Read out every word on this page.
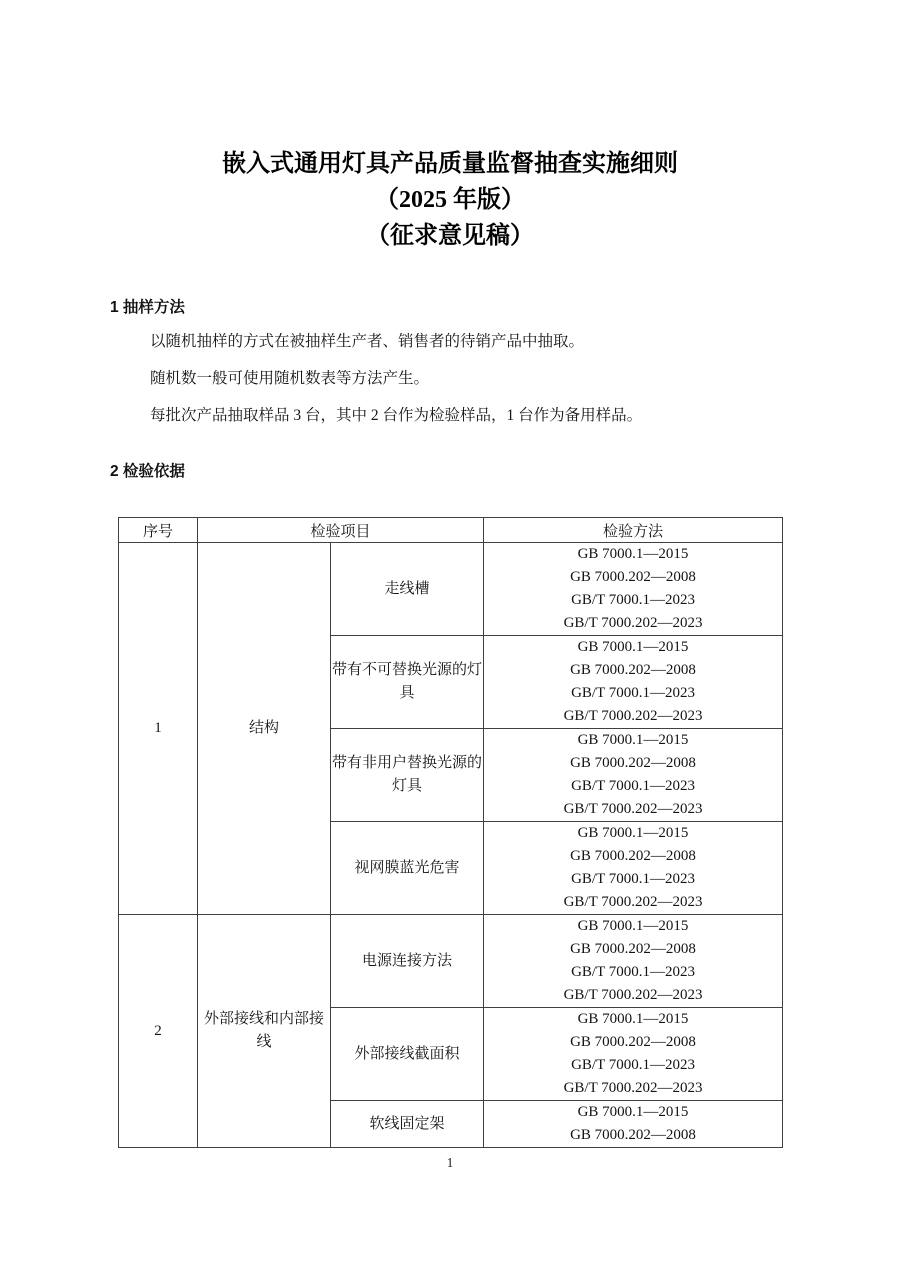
嵌入式通用灯具产品质量监督抽查实施细则
（2025 年版）
（征求意见稿）
1 抽样方法
以随机抽样的方式在被抽样生产者、销售者的待销产品中抽取。
随机数一般可使用随机数表等方法产生。
每批次产品抽取样品 3 台，其中 2 台作为检验样品，1 台作为备用样品。
2 检验依据
序号	检验项目		检验方法
1	结构	走线槽	GB 7000.1—2015
GB 7000.202—2008
GB/T 7000.1—2023
GB/T 7000.202—2023

		带有不可替换光源的灯具	GB 7000.1—2015
GB 7000.202—2008
GB/T 7000.1—2023
GB/T 7000.202—2023

		带有非用户替换光源的灯具	GB 7000.1—2015
GB 7000.202—2008
GB/T 7000.1—2023
GB/T 7000.202—2023

		视网膜蓝光危害	GB 7000.1—2015
GB 7000.202—2008
GB/T 7000.1—2023
GB/T 7000.202—2023

2	外部接线和内部接线	电源连接方法	GB 7000.1—2015
GB 7000.202—2008
GB/T 7000.1—2023
GB/T 7000.202—2023

		外部接线截面积	GB 7000.1—2015
GB 7000.202—2008
GB/T 7000.1—2023
GB/T 7000.202—2023

		软线固定架	GB 7000.1—2015
GB 7000.202—2008
1
